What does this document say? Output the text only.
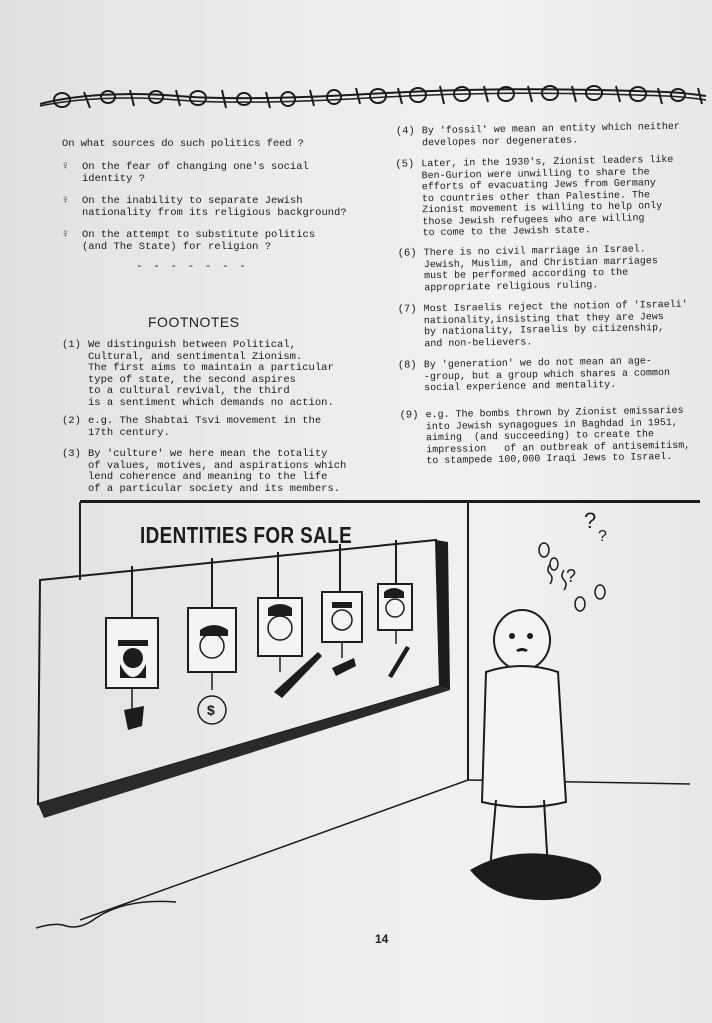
On what sources do such politics feed ?
♀ On the fear of changing one's social
identity ?
♀ On the inability to separate Jewish
nationality from its religious background?
♀ On the attempt to substitute politics
(and The State) for religion ?
- - - - - - -
FOOTNOTES
(1) We distinguish between Political,
Cultural, and sentimental Zionism.
The first aims to maintain a particular
type of state, the second aspires
to a cultural revival, the third
is a sentiment which demands no action.
(2) e.g. The Shabtai Tsvi movement in the
17th century.
(3) By 'culture' we here mean the totality
of values, motives, and aspirations which
lend coherence and meaning to the life
of a particular society and its members.
(4) By 'fossil' we mean an entity which neither
developes nor degenerates.
(5) Later, in the 1930's, Zionist leaders like
Ben-Gurion were unwilling to share the
efforts of evacuating Jews from Germany
to countries other than Palestine. The
Zionist movement is willing to help only
those Jewish refugees who are willing
to come to the Jewish state.
(6) There is no civil marriage in Israel.
Jewish, Muslim, and Christian marriages
must be performed according to the
appropriate religious ruling.
(7) Most Israelis reject the notion of 'Israeli'
nationality,insisting that they are Jews
by nationality, Israelis by citizenship,
and non-believers.
(8) By 'generation' we do not mean an age-
-group, but a group which shares a common
social experience and mentality.
(9) e.g. The bombs thrown by Zionist emissaries
into Jewish synagogues in Baghdad in 1951,
aiming  (and succeeding) to create the
impression   of an outbreak of antisemitism,
to stampede 100,000 Iraqi Jews to Israel.
IDENTITIES FOR SALE
$
?
?
?
14
